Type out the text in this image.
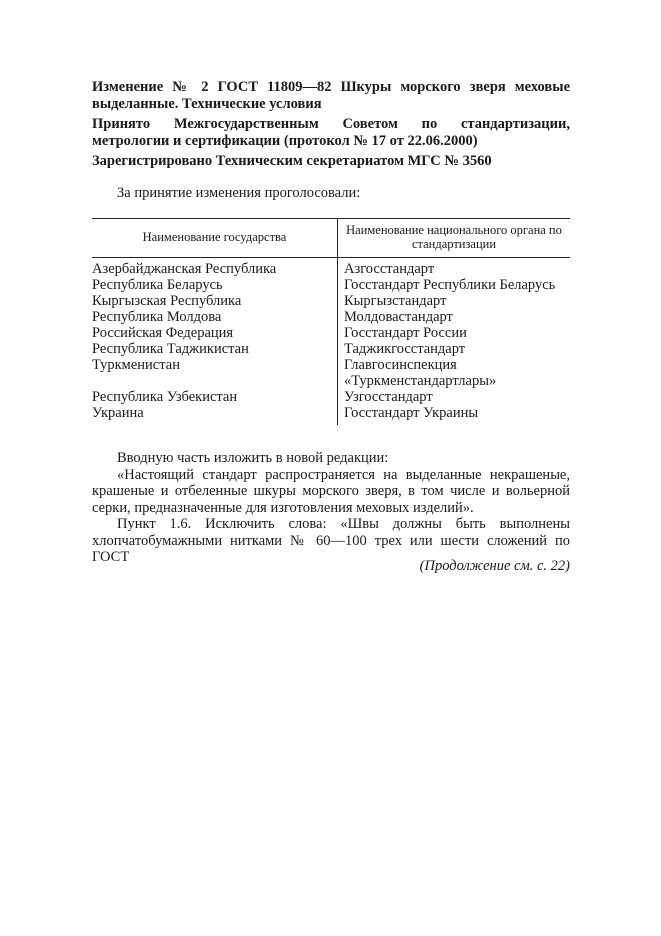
Изменение № 2 ГОСТ 11809—82 Шкуры морского зверя меховые выделанные. Технические условия
Принято Межгосударственным Советом по стандартизации, метрологии и сертификации (протокол № 17 от 22.06.2000)
Зарегистрировано Техническим секретариатом МГС № 3560
За принятие изменения проголосовали:
Наименование государства	Наименование национального органа по стандартизации
Азербайджанская Республика	Азгосстандарт
Республика Беларусь	Госстандарт Республики Беларусь
Кыргызская Республика	Кыргызстандарт
Республика Молдова	Молдовастандарт
Российская Федерация	Госстандарт России
Республика Таджикистан	Таджикгосстандарт
Туркменистан	Главгосинспекция «Туркменстандартлары»
Республика Узбекистан	Узгосстандарт
Украина	Госстандарт Украины

Вводную часть изложить в новой редакции:

«Настоящий стандарт распространяется на выделанные некрашеные, крашеные и отбеленные шкуры морского зверя, в том числе и вольерной серки, предназначенные для изготовления меховых изделий».

Пункт 1.6. Исключить слова: «Швы должны быть выполнены хлопчатобумажными нитками № 60—100 трех или шести сложений по ГОСТ

(Продолжение см. с. 22)
